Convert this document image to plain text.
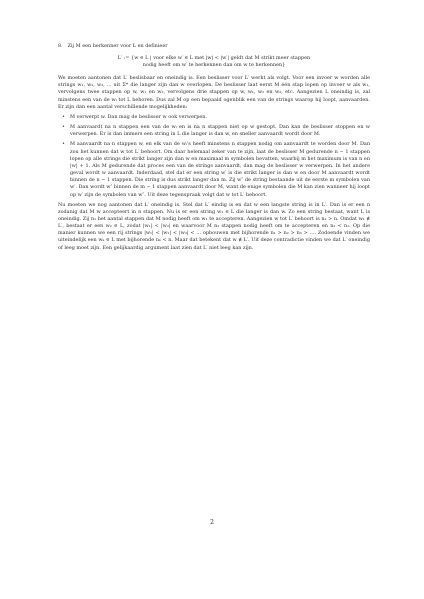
8. Zij M een herkenner voor L en definieer

L′ := {w ∈ L | voor elke w′ ∈ L met |w| < |w′| geldt dat M strikt meer stappen
nodig heeft om w′ te herkennen dan om w te herkennen}

We moeten aantonen dat L′ beslisbaar en oneindig is. Een beslisser voor L′ werkt als volgt. Voor een invoer w worden alle strings w₁, w₂, w₃, ... uit Σ* die langer zijn dan w overlopen. De beslisser laat eerst M één stap lopen op invoer w als w₁, vervolgens twee stappen op w, w₁ en w₂, vervolgens drie stappen op w, w₁, w₂ en w₃, etc. Aangezien L oneindig is, zal minstens een van de wᵢ tot L behoren. Dus zal M op een bepaald ogenblik een van de strings waarop hij loopt, aanvaarden. Er zijn dan een aantal verschillende mogelijkheden:

• M verwerpt w. Dan mag de beslisser w ook verwerpen.
• M aanvaardt na n stappen een van de wᵢ en is na n stappen niet op w gestopt. Dan kan de beslisser stoppen en w verwerpen. Er is dan immers een string in L die langer is dan w, en sneller aanvaardt wordt door M.
• M aanvaardt na n stappen w, en elk van de wᵢ's heeft minstens n stappen nodig om aanvaardt te worden door M. Dan zou het kunnen dat w tot L′ behoort. Om daar helemaal zeker van te zijn, laat de beslisser M gedurende n − 1 stappen lopen op alle strings die strikt langer zijn dan w en maximaal m symbolen bevatten, waarbij m het maximum is van n en |w| + 1. Als M gedurende dat proces een van de strings aanvaardt, dan mag de beslisser w verwerpen. In het andere geval wordt w aanvaardt. Inderdaad, stel dat er een string w′ is die strikt langer is dan w en door M aanvaardt wordt binnen de n − 1 stappen. Die string is dus strikt langer dan m. Zij w″ de string bestaande uit de eerste m symbolen van w′. Dan wordt w″ binnen de m − 1 stappen aanvaardt door M, want de enige symbolen die M kan zien wanneer hij loopt op w′ zijn de symbolen van w″. Uit deze tegenspraak volgt dat w tot L′ behoort.

Nu moeten we nog aantonen dat L′ oneindig is. Stel dat L′ eindig is en dat w een langste string is in L′. Dan is er een n zodanig dat M w accepteert in n stappen. Nu is er een string w₁ ∈ L die langer is dan w. Zo een string bestaat, want L is oneindig. Zij n₁ het aantal stappen dat M nodig heeft om w₁ te accepteren. Aangezien w tot L′ behoort is n₁ > n. Omdat w₁ ∉ L′, bestaat er een w₂ ∈ L, zodat |w₁| < |w₂| en waarvoor M n₂ stappen nodig heeft om te accepteren en n₂ < n₁. Op die manier kunnen we een rij strings |w₁| < |w₂| < |w₃| < ... opbouwen met bijhorende n₁ > n₂ > n₃ > .... Zodoende vinden we uiteindelijk een wₖ ∈ L met bijhorende nₖ < n. Maar dat betekent dat w ∉ L′. Uit deze contradictie vinden we dat L′ oneindig of leeg moet zijn. Een gelijkaardig argument laat zien dat L′ niet leeg kan zijn.

2
